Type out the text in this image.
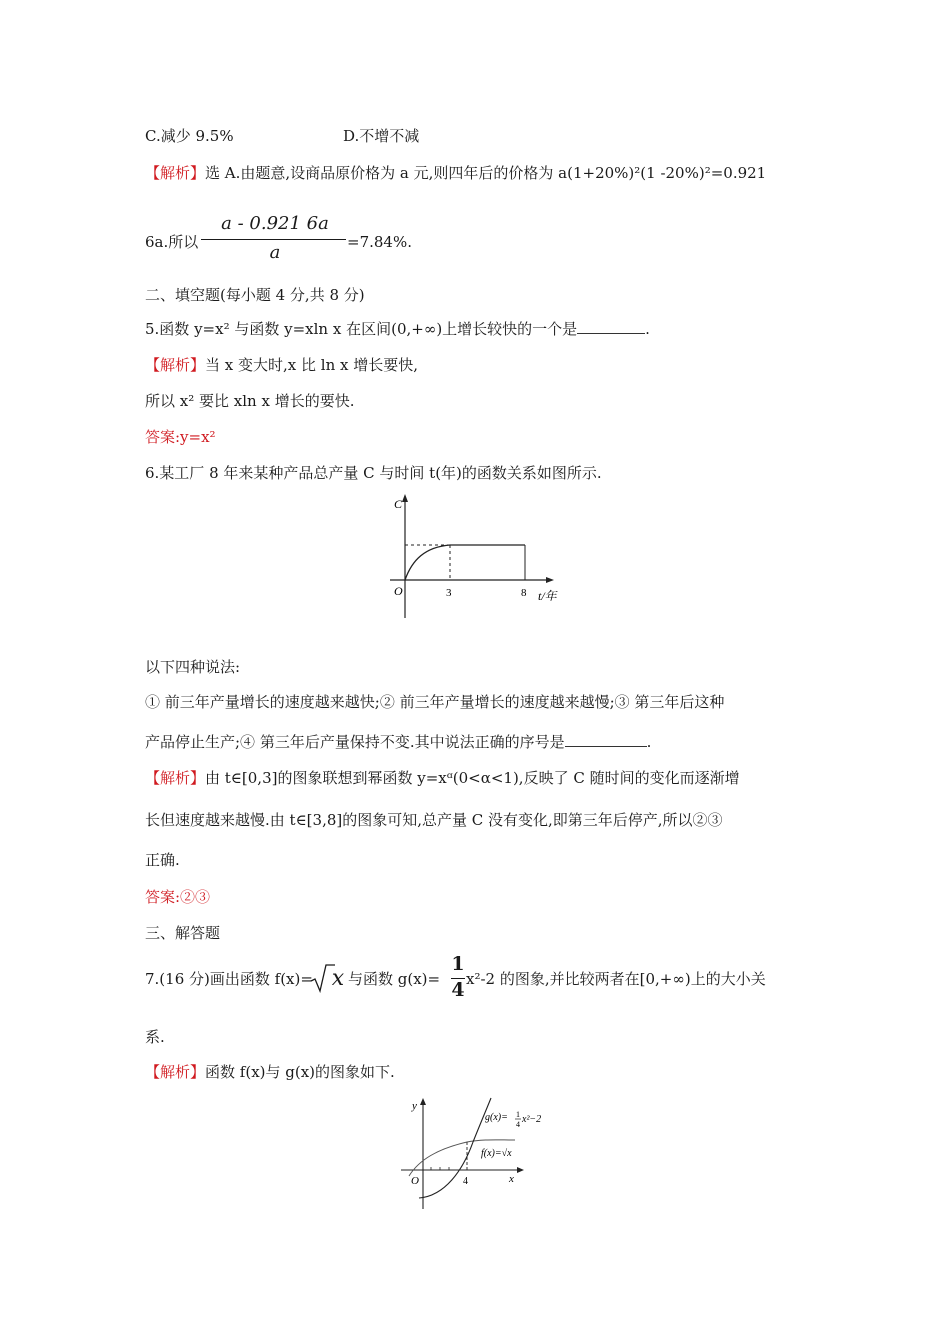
C.减少 9.5%	D.不增不减
【解析】选 A.由题意,设商品原价格为 a 元,则四年后的价格为 a(1+20%)²(1 -20%)²=0.921
6a.所以
a - 0.921 6a
a	=7.84%.
二、填空题(每小题 4 分,共 8 分)
5.函数 y=x² 与函数 y=xln x 在区间(0,+∞)上增长较快的一个是	.
【解析】当 x 变大时,x 比 ln x 增长要快,
所以 x² 要比 xln x 增长的要快.
答案:y=x²
6.某工厂 8 年来某种产品总产量 C 与时间 t(年)的函数关系如图所示.
C
O	3	8 t/年
以下四种说法:
① 前三年产量增长的速度越来越快;② 前三年产量增长的速度越来越慢;③ 第三年后这种
产品停止生产;④ 第三年后产量保持不变.其中说法正确的序号是	.
【解析】由 t∈[0,3]的图象联想到幂函数 y=xᵅ(0<α<1),反映了 C 随时间的变化而逐渐增
长但速度越来越慢.由 t∈[3,8]的图象可知,总产量 C 没有变化,即第三年后停产,所以②③
正确.
答案:②③
三、解答题
7.(16 分)画出函数 f(x)= x 与函数 g(x)=
1
4 x²-2 的图象,并比较两者在[0,+∞)上的大小关
系.
【解析】函数 f(x)与 g(x)的图象如下.
y
O	4	x
g(x)= 1
4 x²−2
f(x)=√x
